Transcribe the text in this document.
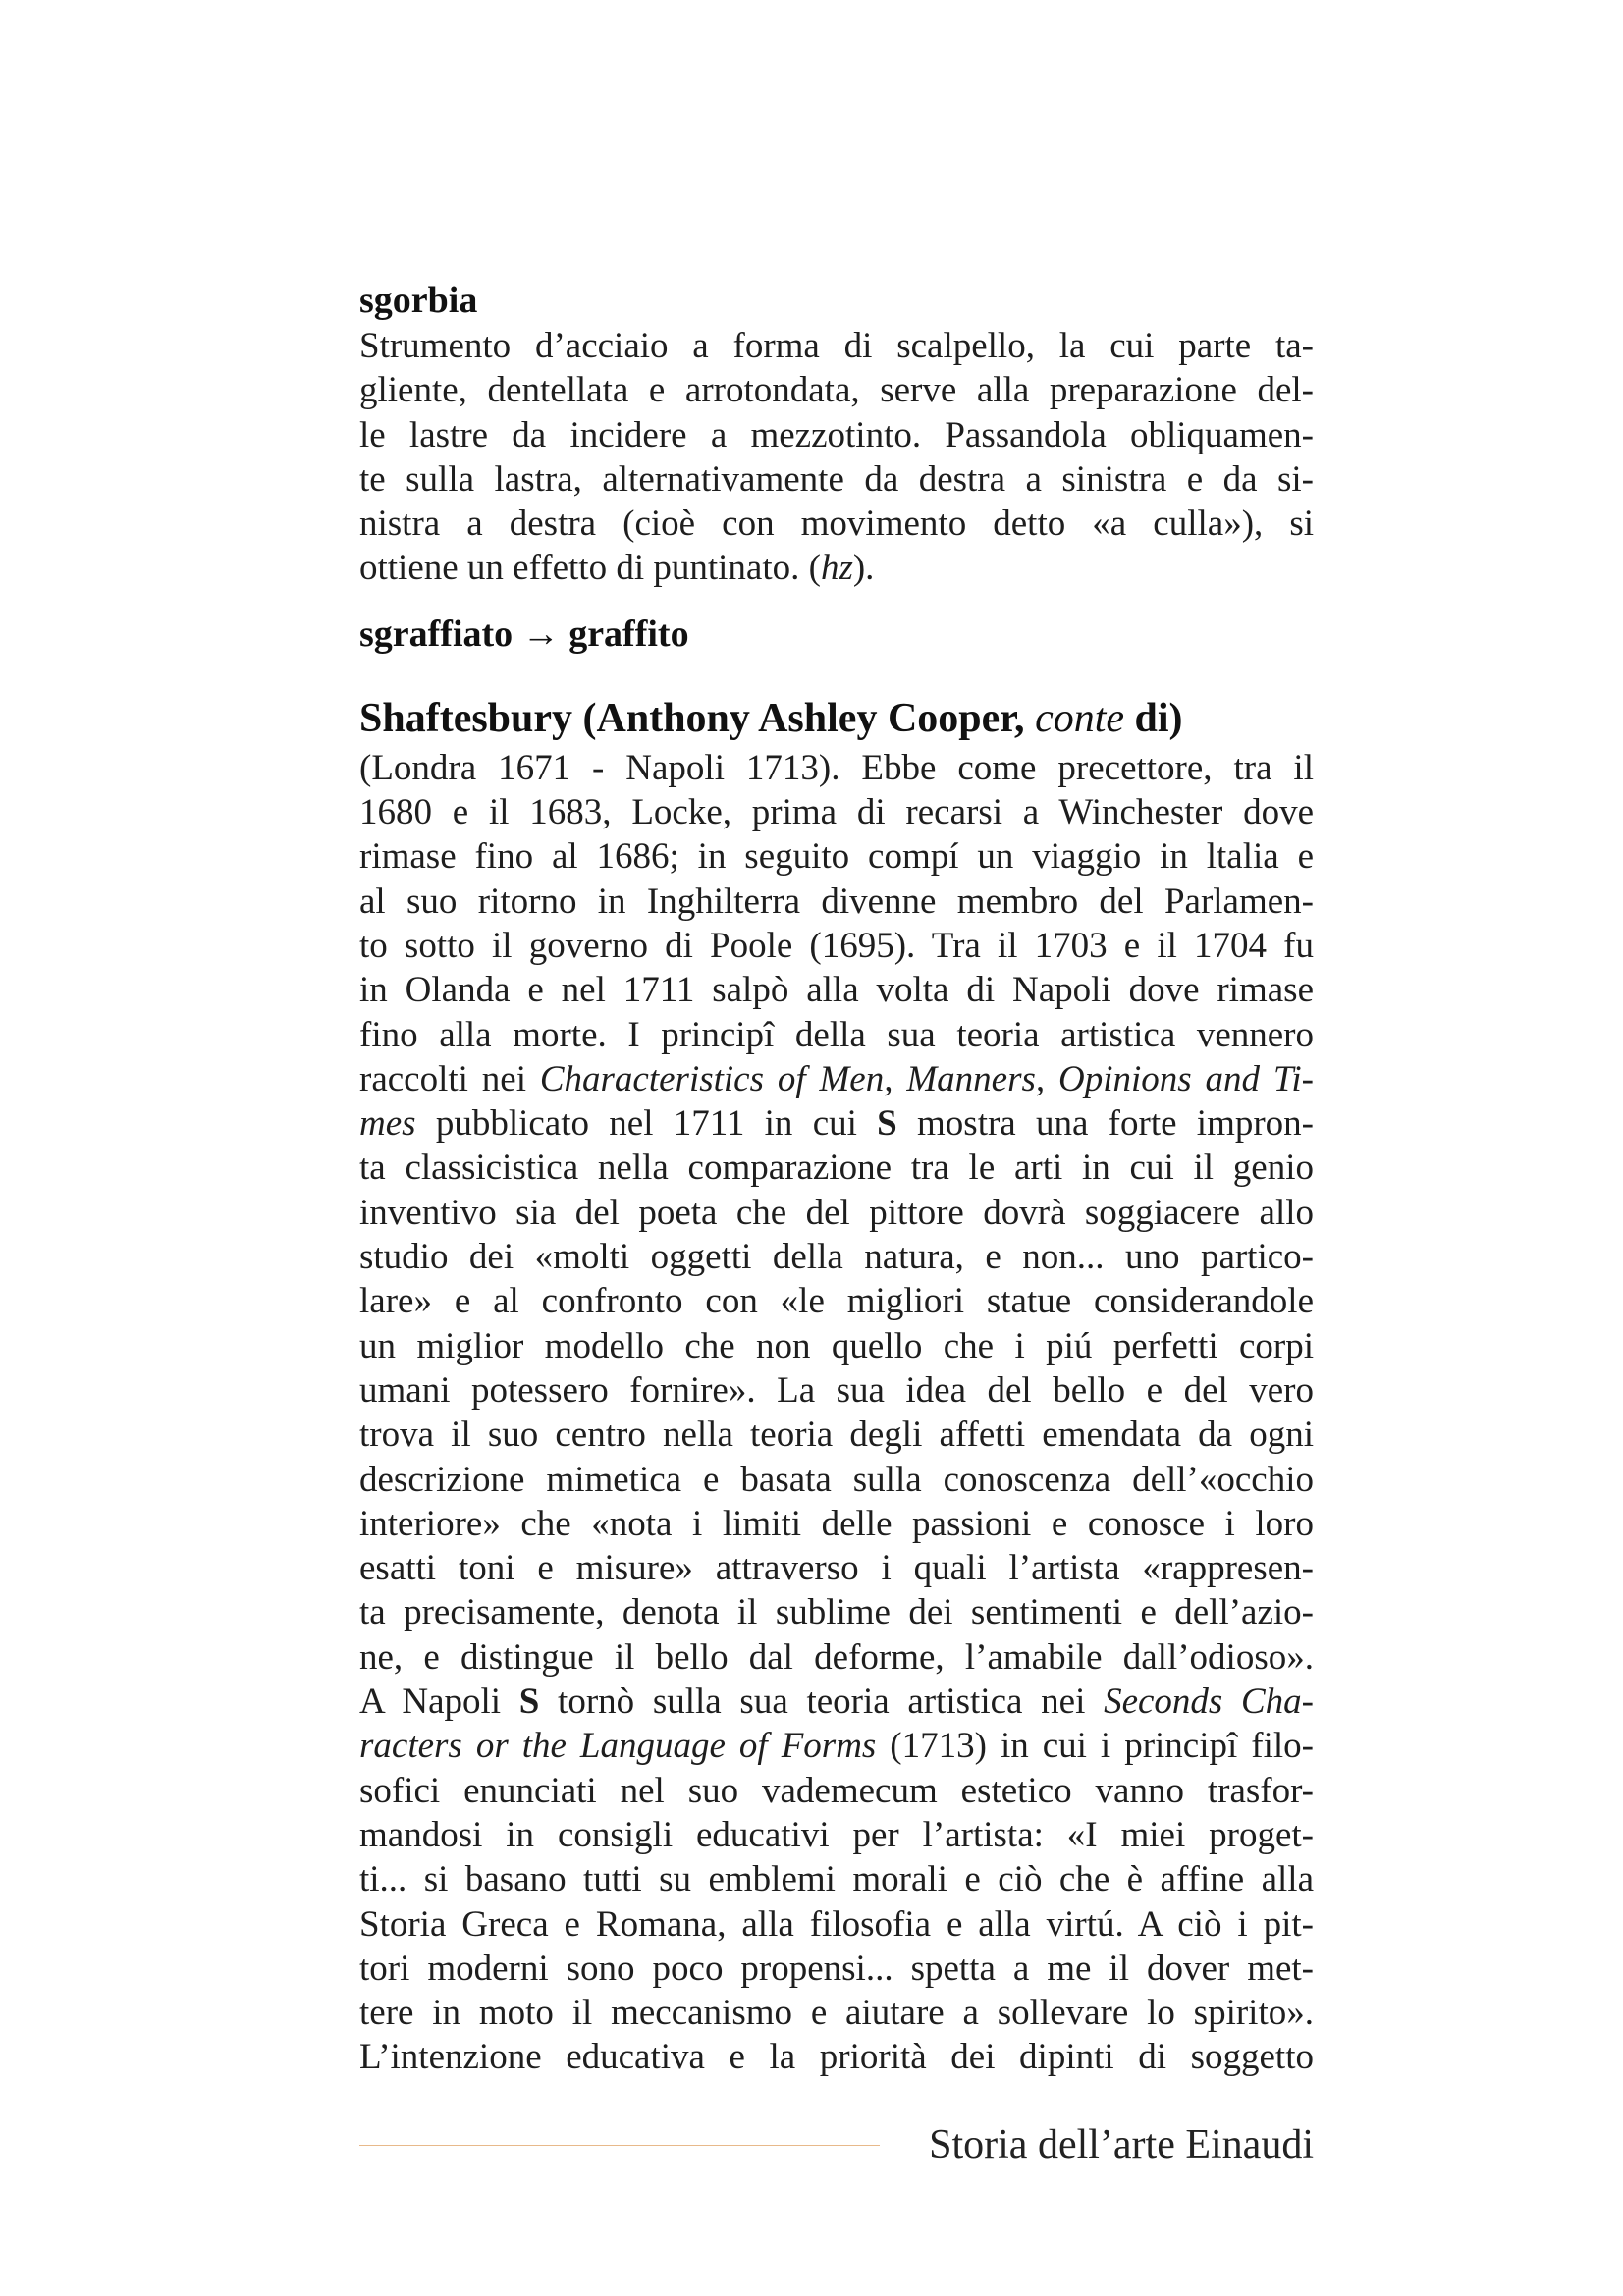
sgorbia

Strumento d’acciaio a forma di scalpello, la cui parte ta-
gliente, dentellata e arrotondata, serve alla preparazione del-
le lastre da incidere a mezzotinto. Passandola obliquamen-
te sulla lastra, alternativamente da destra a sinistra e da si-
nistra a destra (cioè con movimento detto «a culla»), si
ottiene un effetto di puntinato. (hz).

sgraffiato → graffito

Shaftesbury (Anthony Ashley Cooper, conte di)

(Londra 1671 - Napoli 1713). Ebbe come precettore, tra il
1680 e il 1683, Locke, prima di recarsi a Winchester dove
rimase fino al 1686; in seguito compí un viaggio in ltalia e
al suo ritorno in Inghilterra divenne membro del Parlamen-
to sotto il governo di Poole (1695). Tra il 1703 e il 1704 fu
in Olanda e nel 1711 salpò alla volta di Napoli dove rimase
fino alla morte. I principî della sua teoria artistica vennero
raccolti nei Characteristics of Men, Manners, Opinions and Ti-
mes pubblicato nel 1711 in cui S mostra una forte impron-
ta classicistica nella comparazione tra le arti in cui il genio
inventivo sia del poeta che del pittore dovrà soggiacere allo
studio dei «molti oggetti della natura, e non... uno partico-
lare» e al confronto con «le migliori statue considerandole
un miglior modello che non quello che i piú perfetti corpi
umani potessero fornire». La sua idea del bello e del vero
trova il suo centro nella teoria degli affetti emendata da ogni
descrizione mimetica e basata sulla conoscenza dell’«occhio
interiore» che «nota i limiti delle passioni e conosce i loro
esatti toni e misure» attraverso i quali l’artista «rappresen-
ta precisamente, denota il sublime dei sentimenti e dell’azio-
ne, e distingue il bello dal deforme, l’amabile dall’odioso».
A Napoli S tornò sulla sua teoria artistica nei Seconds Cha-
racters or the Language of Forms (1713) in cui i principî filo-
sofici enunciati nel suo vademecum estetico vanno trasfor-
mandosi in consigli educativi per l’artista: «I miei proget-
ti... si basano tutti su emblemi morali e ciò che è affine alla
Storia Greca e Romana, alla filosofia e alla virtú. A ciò i pit-
tori moderni sono poco propensi... spetta a me il dover met-
tere in moto il meccanismo e aiutare a sollevare lo spirito».
L’intenzione educativa e la priorità dei dipinti di soggetto
Storia dell’arte Einaudi
